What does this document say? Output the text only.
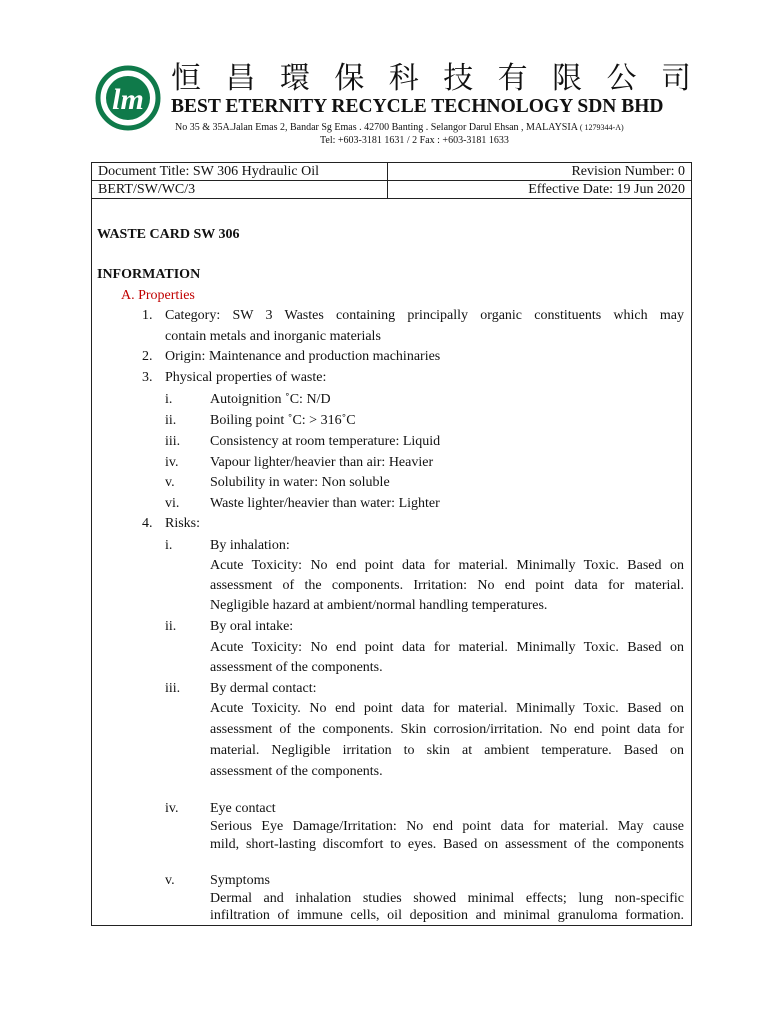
lm
恒 昌 環 保 科 技 有 限 公 司
BEST ETERNITY RECYCLE TECHNOLOGY SDN BHD
No 35 & 35A.Jalan Emas 2, Bandar Sg Emas . 42700 Banting . Selangor Darul Ehsan , MALAYSIA ( 1279344-A)
Tel: +603-3181 1631 / 2 Fax : +603-3181 1633
Document Title: SW 306 Hydraulic Oil	Revision Number: 0
BERT/SW/WC/3	Effective Date: 19 Jun 2020
WASTE CARD SW 306
INFORMATION
A. Properties
1. Category: SW 3 Wastes containing principally organic constituents which may
contain metals and inorganic materials
2. Origin: Maintenance and production machinaries
3. Physical properties of waste:
i.	Autoignition ˚C: N/D
ii. Boiling point ˚C: > 316˚C
iii. Consistency at room temperature: Liquid
iv. Vapour lighter/heavier than air: Heavier
v.	Solubility in water: Non soluble
vi. Waste lighter/heavier than water: Lighter
4. Risks:
i.	By inhalation:
Acute Toxicity: No end point data for material. Minimally Toxic. Based on
assessment of the components. Irritation: No end point data for material.
Negligible hazard at ambient/normal handling temperatures.
ii. By oral intake:
Acute Toxicity: No end point data for material. Minimally Toxic. Based on
assessment of the components.
iii. By dermal contact:
Acute Toxicity. No end point data for material. Minimally Toxic. Based on
assessment of the components. Skin corrosion/irritation. No end point data for
material. Negligible irritation to skin at ambient temperature. Based on
assessment of the components.
iv. Eye contact
Serious Eye Damage/Irritation: No end point data for material. May cause
mild, short-lasting discomfort to eyes. Based on assessment of the components
v.	Symptoms
Dermal and inhalation studies showed minimal effects; lung non-specific
infiltration of immune cells, oil deposition and minimal granuloma formation.
